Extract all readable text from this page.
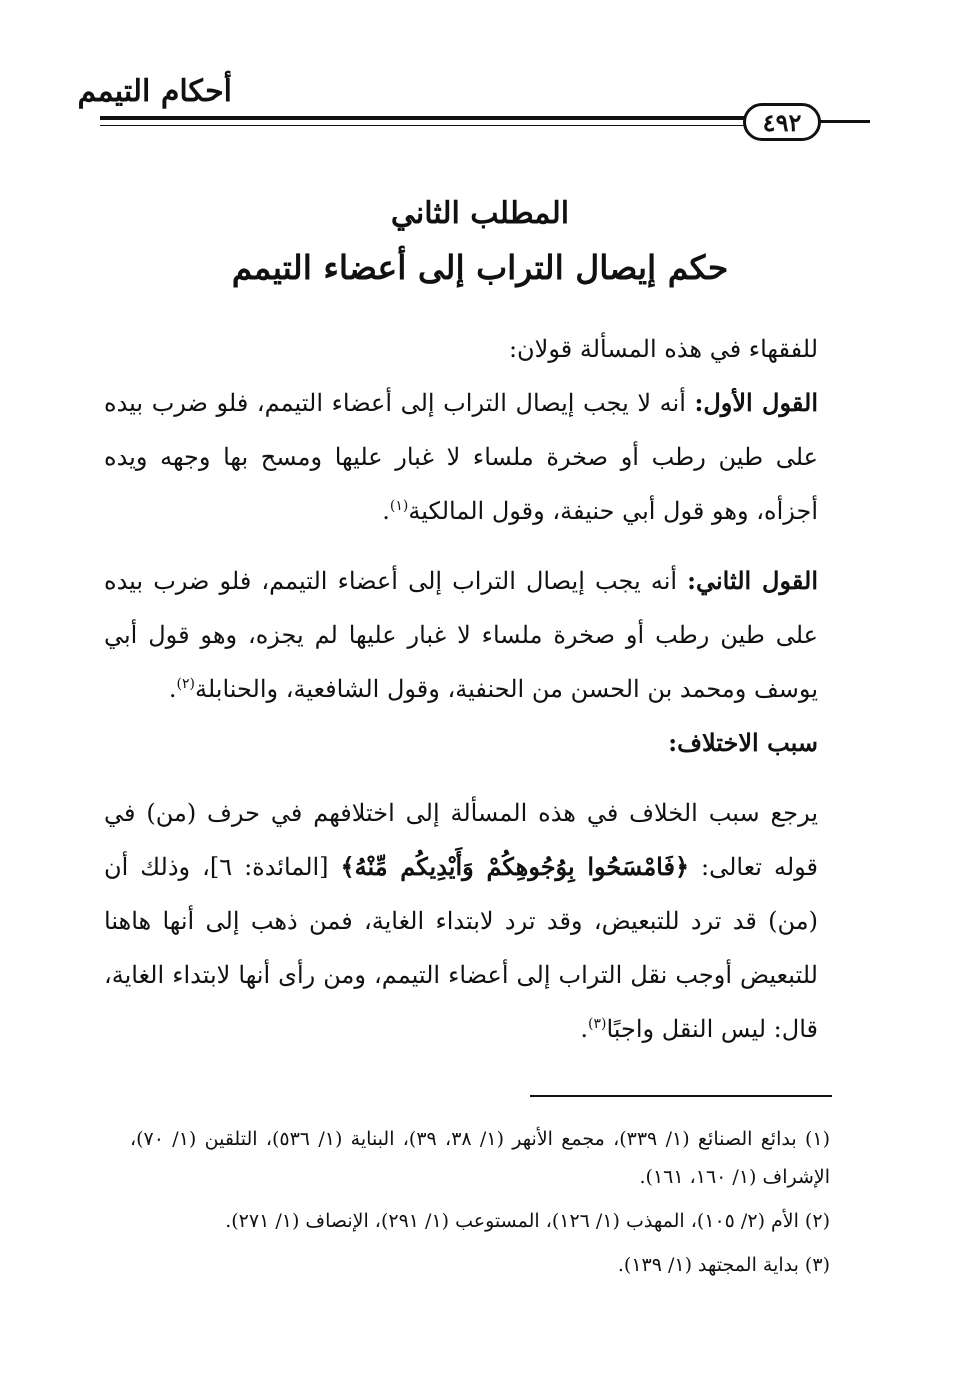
أحكام التيمم
٤٩٢
المطلب الثاني
حكم إيصال التراب إلى أعضاء التيمم

للفقهاء في هذه المسألة قولان:

القول الأول: أنه لا يجب إيصال التراب إلى أعضاء التيمم، فلو ضرب بيده على طين رطب أو صخرة ملساء لا غبار عليها ومسح بها وجهه ويده أجزأه، وهو قول أبي حنيفة، وقول المالكية$^{(١)}$.

القول الثاني: أنه يجب إيصال التراب إلى أعضاء التيمم، فلو ضرب بيده على طين رطب أو صخرة ملساء لا غبار عليها لم يجزه، وهو قول أبي يوسف ومحمد بن الحسن من الحنفية، وقول الشافعية، والحنابلة$^{(٢)}$.

سبب الاختلاف:

يرجع سبب الخلاف في هذه المسألة إلى اختلافهم في حرف (من) في قوله تعالى: ﴿فَامْسَحُوا بِوُجُوهِكُمْ وَأَيْدِيكُم مِّنْهُ﴾ [المائدة: ٦]، وذلك أن (من) قد ترد للتبعيض، وقد ترد لابتداء الغاية، فمن ذهب إلى أنها هاهنا للتبعيض أوجب نقل التراب إلى أعضاء التيمم، ومن رأى أنها لابتداء الغاية، قال: ليس النقل واجبًا$^{(٣)}$.

(١) بدائع الصنائع (١/ ٣٣٩)، مجمع الأنهر (١/ ٣٨، ٣٩)، البناية (١/ ٥٣٦)، التلقين (١/ ٧٠)، الإشراف (١/ ١٦٠، ١٦١).

(٢) الأم (٢/ ١٠٥)، المهذب (١/ ١٢٦)، المستوعب (١/ ٢٩١)، الإنصاف (١/ ٢٧١).

(٣) بداية المجتهد (١/ ١٣٩).
